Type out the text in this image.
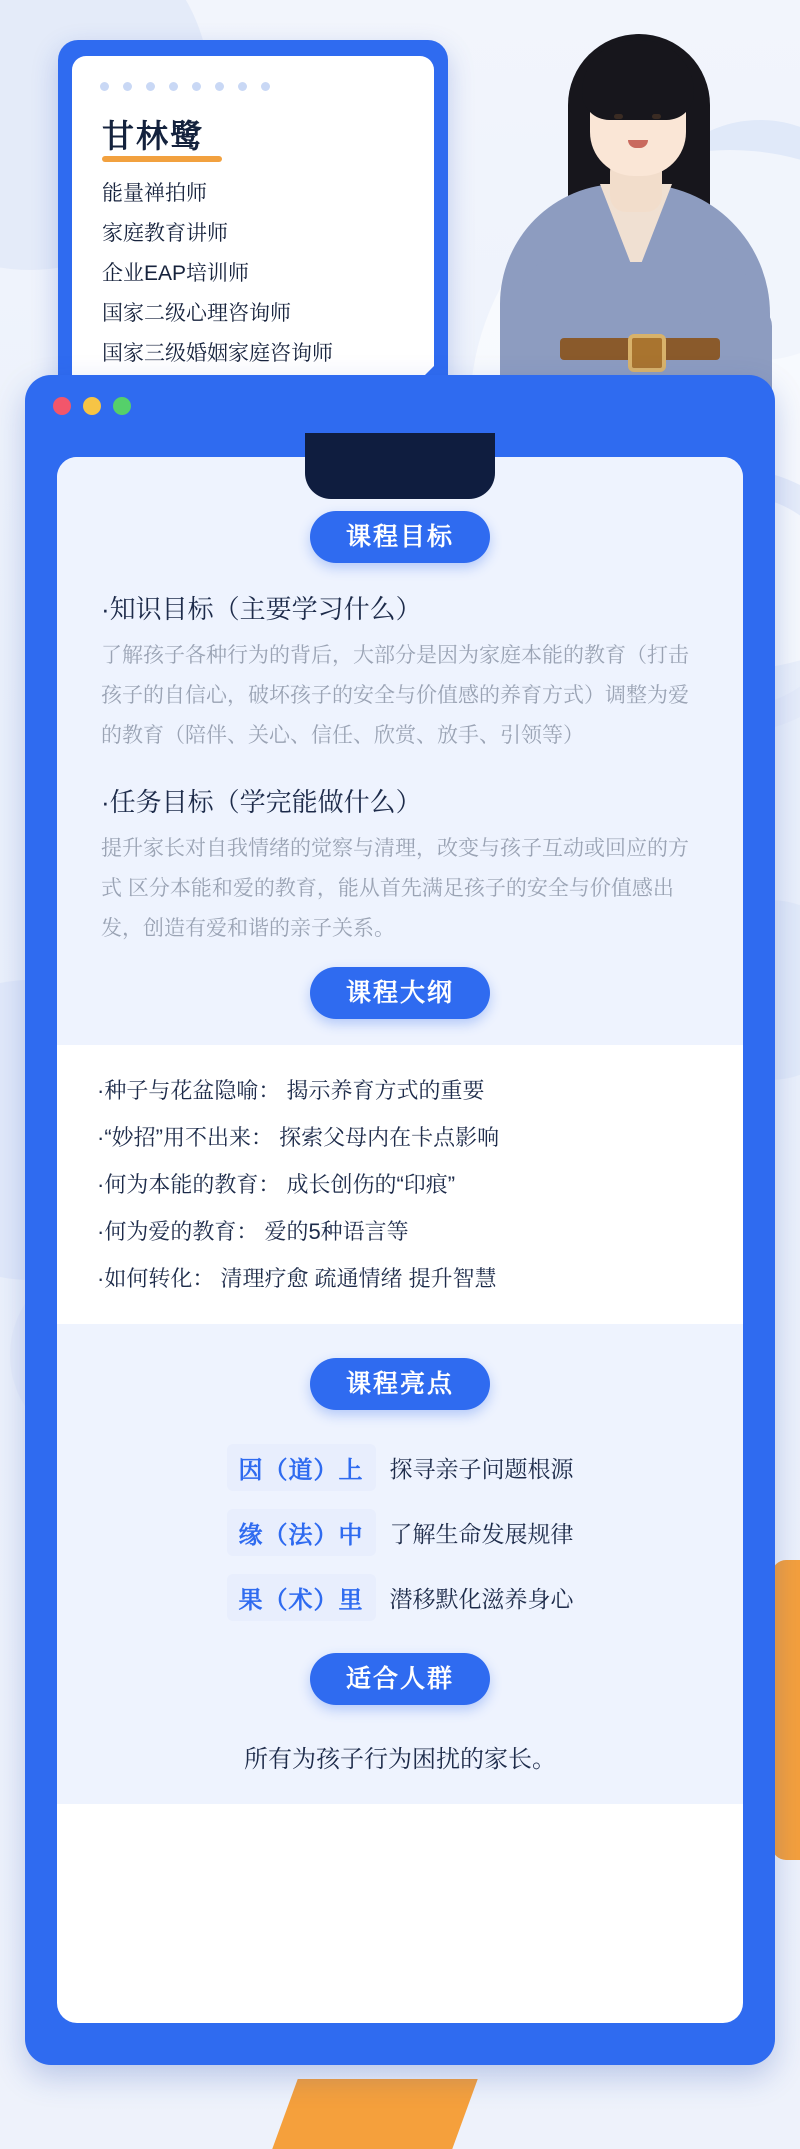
甘林鹭
能量禅拍师
家庭教育讲师
企业EAP培训师
国家二级心理咨询师
国家三级婚姻家庭咨询师
课程目标
·知识目标（主要学习什么）
了解孩子各种行为的背后，大部分是因为家庭本能的教育（打击孩子的自信心，破坏孩子的安全与价值感的养育方式）调整为爱的教育（陪伴、关心、信任、欣赏、放手、引领等）
·任务目标（学完能做什么）
提升家长对自我情绪的觉察与清理，改变与孩子互动或回应的方式 区分本能和爱的教育，能从首先满足孩子的安全与价值感出发，创造有爱和谐的亲子关系。
课程大纲
·种子与花盆隐喻： 揭示养育方式的重要
·“妙招”用不出来： 探索父母内在卡点影响
·何为本能的教育： 成长创伤的“印痕”
·何为爱的教育： 爱的5种语言等
·如何转化： 清理疗愈 疏通情绪 提升智慧
课程亮点
因（道）上	探寻亲子问题根源
缘（法）中	了解生命发展规律
果（术）里	潜移默化滋养身心
适合人群
所有为孩子行为困扰的家长。
